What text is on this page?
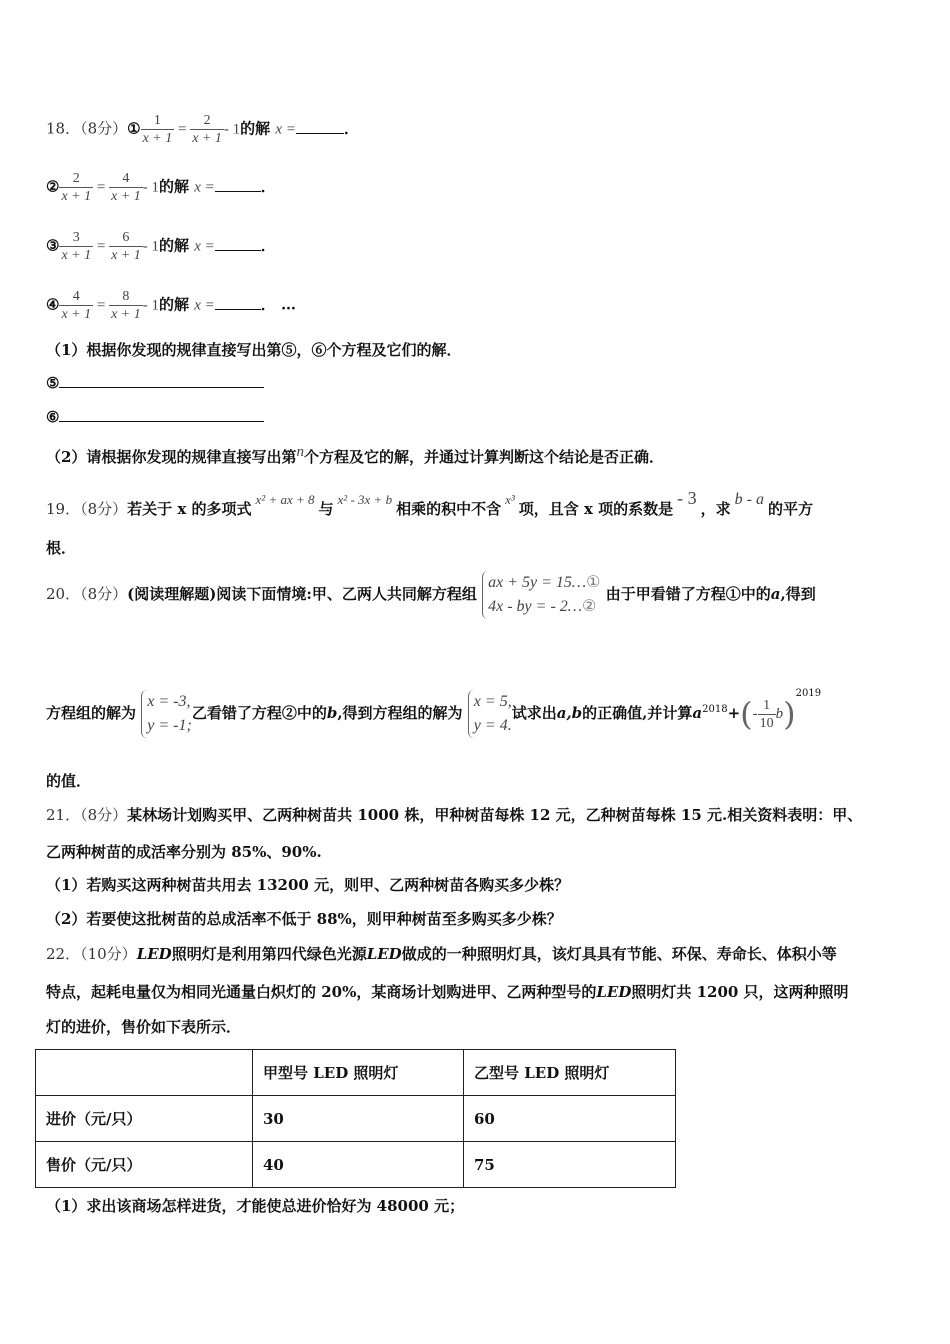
18．（8分）① $\frac{1}{x + 1} = \frac{2}{x + 1} - 1$的解 x =	．
② $\frac{2}{x + 1} = \frac{4}{x + 1} - 1$的解 x =	．
③ $\frac{3}{x + 1} = \frac{6}{x + 1} - 1$的解 x =	．
④ $\frac{4}{x + 1} = \frac{8}{x + 1} - 1$的解 x =	． …
（1）根据你发现的规律直接写出第⑤，⑥个方程及它们的解．
⑤
⑥
（2）请根据你发现的规律直接写出第n个方程及它的解，并通过计算判断这个结论是否正确．
19．（8分）若关于 x 的多项式x² + ax + 8与x² - 3x + b相乘的积中不含x³项，且含 x 项的系数是- 3，求b - a的平方
根．
20．（8分）(阅读理解题)阅读下面情境:甲、乙两人共同解方程组
ax + 5y = 15…①
4x - by = - 2…②
由于甲看错了方程①中的a,得到
方程组的解为
x = -3,
y = -1;
乙看错了方程②中的b,得到方程组的解为
x = 5,
y = 4.
试求出a,b的正确值,并计算$a^{2018}+(- \frac{1}{10} b)^{2019}$
的值．
21．（8分）某林场计划购买甲、乙两种树苗共 1000 株，甲种树苗每株 12 元，乙种树苗每株 15 元.相关资料表明：甲、
乙两种树苗的成活率分别为 85%、90%.
（1）若购买这两种树苗共用去 13200 元，则甲、乙两种树苗各购买多少株？
（2）若要使这批树苗的总成活率不低于 88%，则甲种树苗至多购买多少株？
22．（10分）LED照明灯是利用第四代绿色光源LED做成的一种照明灯具，该灯具具有节能、环保、寿命长、体积小等
特点，起耗电量仅为相同光通量白炽灯的 20%，某商场计划购进甲、乙两种型号的LED照明灯共 1200 只，这两种照明
灯的进价，售价如下表所示．
	甲型号 LED 照明灯	乙型号 LED 照明灯
进价（元/只）	30	60
售价（元/只）	40	75
（1）求出该商场怎样进货，才能使总进价恰好为 48000 元；
